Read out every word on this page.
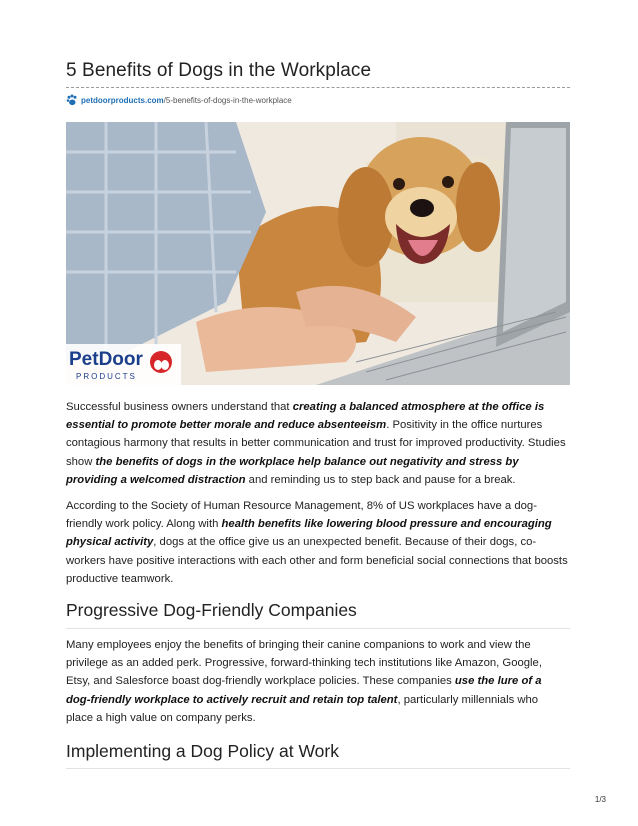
5 Benefits of Dogs in the Workplace
petdoorproducts.com /5-benefits-of-dogs-in-the-workplace
PetDoor
PRODUCTS

Successful business owners understand that creating a balanced atmosphere at the office is essential to promote better morale and reduce absenteeism. Positivity in the office nurtures contagious harmony that results in better communication and trust for improved productivity. Studies show the benefits of dogs in the workplace help balance out negativity and stress by providing a welcomed distraction and reminding us to step back and pause for a break.

According to the Society of Human Resource Management, 8% of US workplaces have a dog-friendly work policy. Along with health benefits like lowering blood pressure and encouraging physical activity, dogs at the office give us an unexpected benefit. Because of their dogs, co-workers have positive interactions with each other and form beneficial social connections that boosts productive teamwork.

Progressive Dog-Friendly Companies

Many employees enjoy the benefits of bringing their canine companions to work and view the privilege as an added perk. Progressive, forward-thinking tech institutions like Amazon, Google, Etsy, and Salesforce boast dog-friendly workplace policies. These companies use the lure of a dog-friendly workplace to actively recruit and retain top talent, particularly millennials who place a high value on company perks.

Implementing a Dog Policy at Work
1/3
